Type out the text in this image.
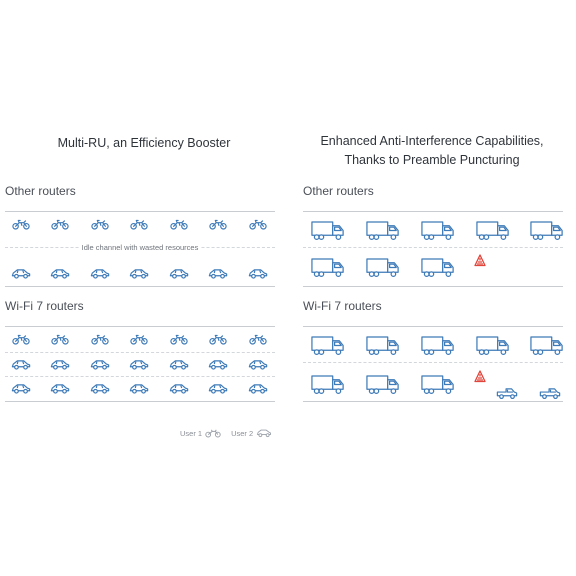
Multi-RU, an Efficiency Booster
Other routers
Idle channel with wasted resources
Wi-Fi 7 routers
User 1	User 2
Enhanced Anti-Interference Capabilities,
Thanks to Preamble Puncturing
Other routers
Wi-Fi 7 routers
